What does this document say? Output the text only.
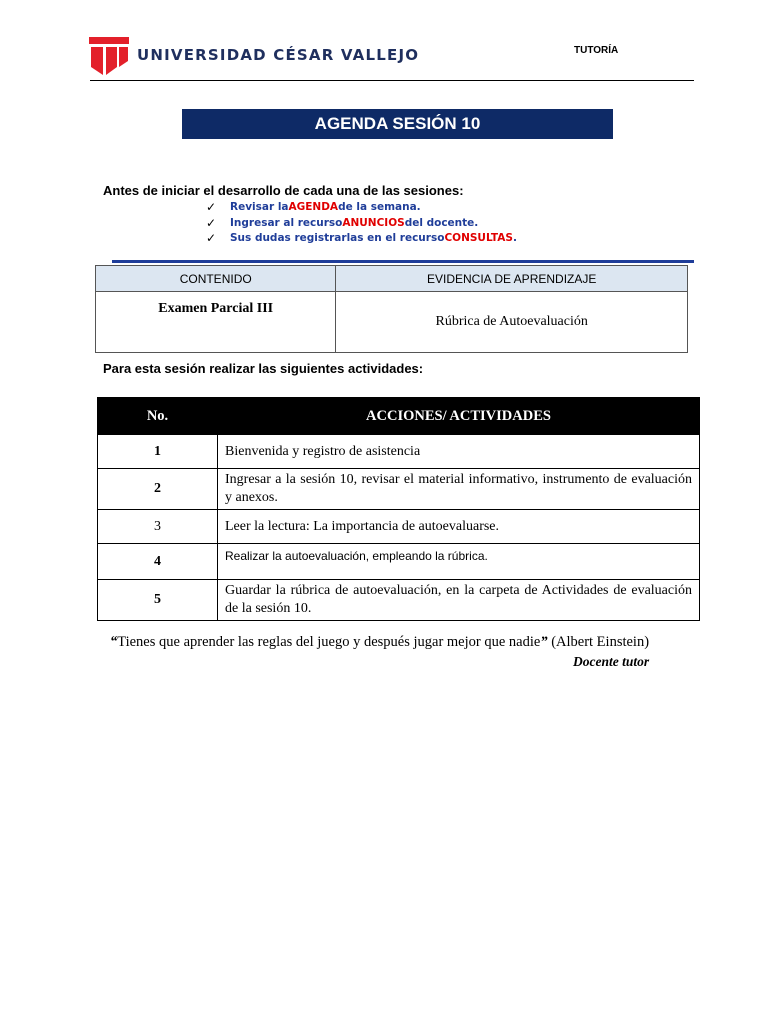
UNIVERSIDAD CÉSAR VALLEJO	TUTORÍA
AGENDA SESIÓN 10
Antes de iniciar el desarrollo de cada una de las sesiones:
✓	Revisar la AGENDA de la semana.
✓	Ingresar al recurso ANUNCIOS del docente.
✓	Sus dudas registrarlas en el recurso CONSULTAS .
CONTENIDO	EVIDENCIA DE APRENDIZAJE
Examen Parcial III	Rúbrica de Autoevaluación
Para esta sesión realizar las siguientes actividades:
No.	ACCIONES/ ACTIVIDADES
1	Bienvenida y registro de asistencia
2	Ingresar a la sesión 10, revisar el material informativo, instrumento de evaluación y anexos.
3	Leer la lectura: La importancia de autoevaluarse.
4	Realizar la autoevaluación, empleando la rúbrica.
5	Guardar la rúbrica de autoevaluación, en la carpeta de Actividades de evaluación de la sesión 10.
“Tienes que aprender las reglas del juego y después jugar mejor que nadie” (Albert Einstein)
Docente tutor
